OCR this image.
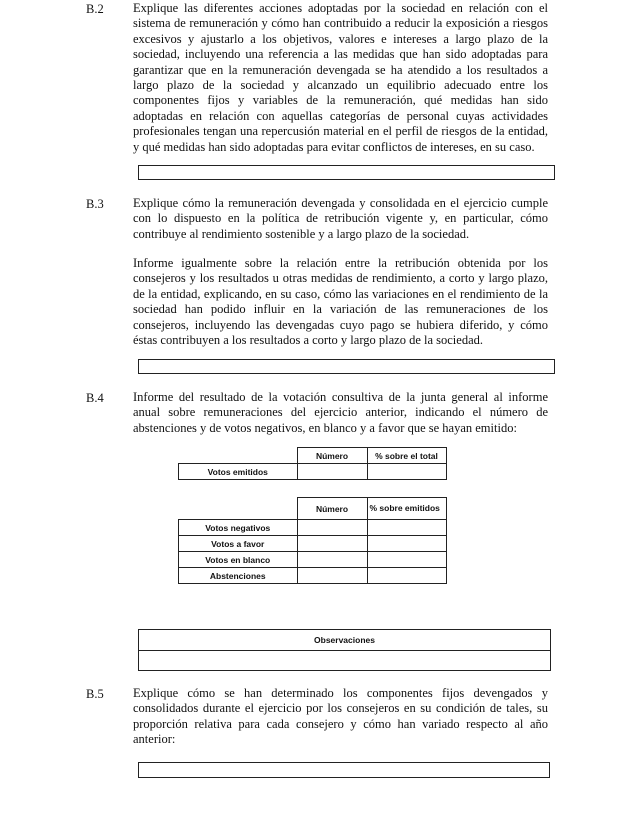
B.2 Explique las diferentes acciones adoptadas por la sociedad en relación con el sistema de remuneración y cómo han contribuido a reducir la exposición a riesgos excesivos y ajustarlo a los objetivos, valores e intereses a largo plazo de la sociedad, incluyendo una referencia a las medidas que han sido adoptadas para garantizar que en la remuneración devengada se ha atendido a los resultados a largo plazo de la sociedad y alcanzado un equilibrio adecuado entre los componentes fijos y variables de la remuneración, qué medidas han sido adoptadas en relación con aquellas categorías de personal cuyas actividades profesionales tengan una repercusión material en el perfil de riesgos de la entidad, y qué medidas han sido adoptadas para evitar conflictos de intereses, en su caso.

B.3 Explique cómo la remuneración devengada y consolidada en el ejercicio cumple con lo dispuesto en la política de retribución vigente y, en particular, cómo contribuye al rendimiento sostenible y a largo plazo de la sociedad.

Informe igualmente sobre la relación entre la retribución obtenida por los consejeros y los resultados u otras medidas de rendimiento, a corto y largo plazo, de la entidad, explicando, en su caso, cómo las variaciones en el rendimiento de la sociedad han podido influir en la variación de las remuneraciones de los consejeros, incluyendo las devengadas cuyo pago se hubiera diferido, y cómo éstas contribuyen a los resultados a corto y largo plazo de la sociedad.

B.4 Informe del resultado de la votación consultiva de la junta general al informe anual sobre remuneraciones del ejercicio anterior, indicando el número de abstenciones y de votos negativos, en blanco y a favor que se hayan emitido:

	Número	% sobre el total
Votos emitidos		
	Número	% sobre emitidos
Votos negativos		
Votos a favor		
Votos en blanco		
Abstenciones		
Observaciones
B.5 Explique cómo se han determinado los componentes fijos devengados y consolidados durante el ejercicio por los consejeros en su condición de tales, su proporción relativa para cada consejero y cómo han variado respecto al año anterior:
